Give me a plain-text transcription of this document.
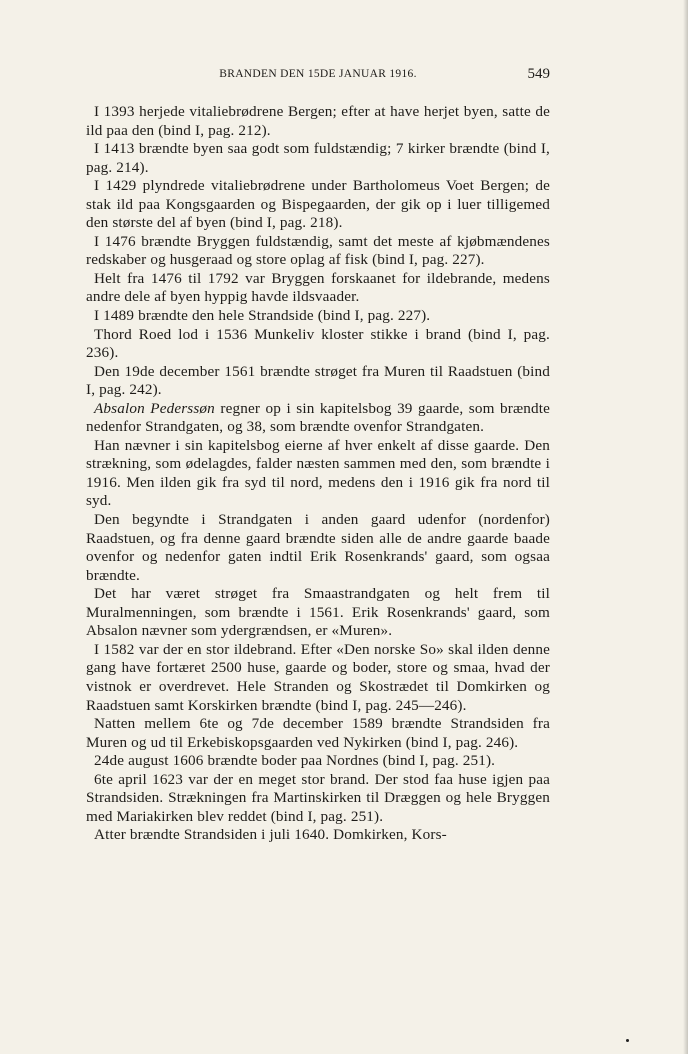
BRANDEN DEN 15DE JANUAR 1916.	549

I 1393 herjede vitaliebrødrene Bergen; efter at have herjet byen, satte de ild paa den (bind I, pag. 212).

I 1413 brændte byen saa godt som fuldstændig; 7 kirker brændte (bind I, pag. 214).

I 1429 plyndrede vitaliebrødrene under Bartholomeus Voet Bergen; de stak ild paa Kongsgaarden og Bispegaarden, der gik op i luer tilligemed den største del af byen (bind I, pag. 218).

I 1476 brændte Bryggen fuldstændig, samt det meste af kjøbmændenes redskaber og husgeraad og store oplag af fisk (bind I, pag. 227).

Helt fra 1476 til 1792 var Bryggen forskaanet for ildebrande, medens andre dele af byen hyppig havde ildsvaader.

I 1489 brændte den hele Strandside (bind I, pag. 227).

Thord Roed lod i 1536 Munkeliv kloster stikke i brand (bind I, pag. 236).

Den 19de december 1561 brændte strøget fra Muren til Raadstuen (bind I, pag. 242).

Absalon Pederssøn regner op i sin kapitelsbog 39 gaarde, som brændte nedenfor Strandgaten, og 38, som brændte ovenfor Strandgaten.

Han nævner i sin kapitelsbog eierne af hver enkelt af disse gaarde. Den strækning, som ødelagdes, falder næsten sammen med den, som brændte i 1916. Men ilden gik fra syd til nord, medens den i 1916 gik fra nord til syd.

Den begyndte i Strandgaten i anden gaard udenfor (nordenfor) Raadstuen, og fra denne gaard brændte siden alle de andre gaarde baade ovenfor og nedenfor gaten indtil Erik Rosenkrands' gaard, som ogsaa brændte.

Det har været strøget fra Smaastrandgaten og helt frem til Muralmenningen, som brændte i 1561. Erik Rosenkrands' gaard, som Absalon nævner som ydergrændsen, er «Muren».

I 1582 var der en stor ildebrand. Efter «Den norske So» skal ilden denne gang have fortæret 2500 huse, gaarde og boder, store og smaa, hvad der vistnok er overdrevet. Hele Stranden og Skostrædet til Domkirken og Raadstuen samt Korskirken brændte (bind I, pag. 245—246).

Natten mellem 6te og 7de december 1589 brændte Strandsiden fra Muren og ud til Erkebiskopsgaarden ved Nykirken (bind I, pag. 246).

24de august 1606 brændte boder paa Nordnes (bind I, pag. 251).

6te april 1623 var der en meget stor brand. Der stod faa huse igjen paa Strandsiden. Strækningen fra Martinskirken til Dræggen og hele Bryggen med Mariakirken blev reddet (bind I, pag. 251).

Atter brændte Strandsiden i juli 1640. Domkirken, Kors-
